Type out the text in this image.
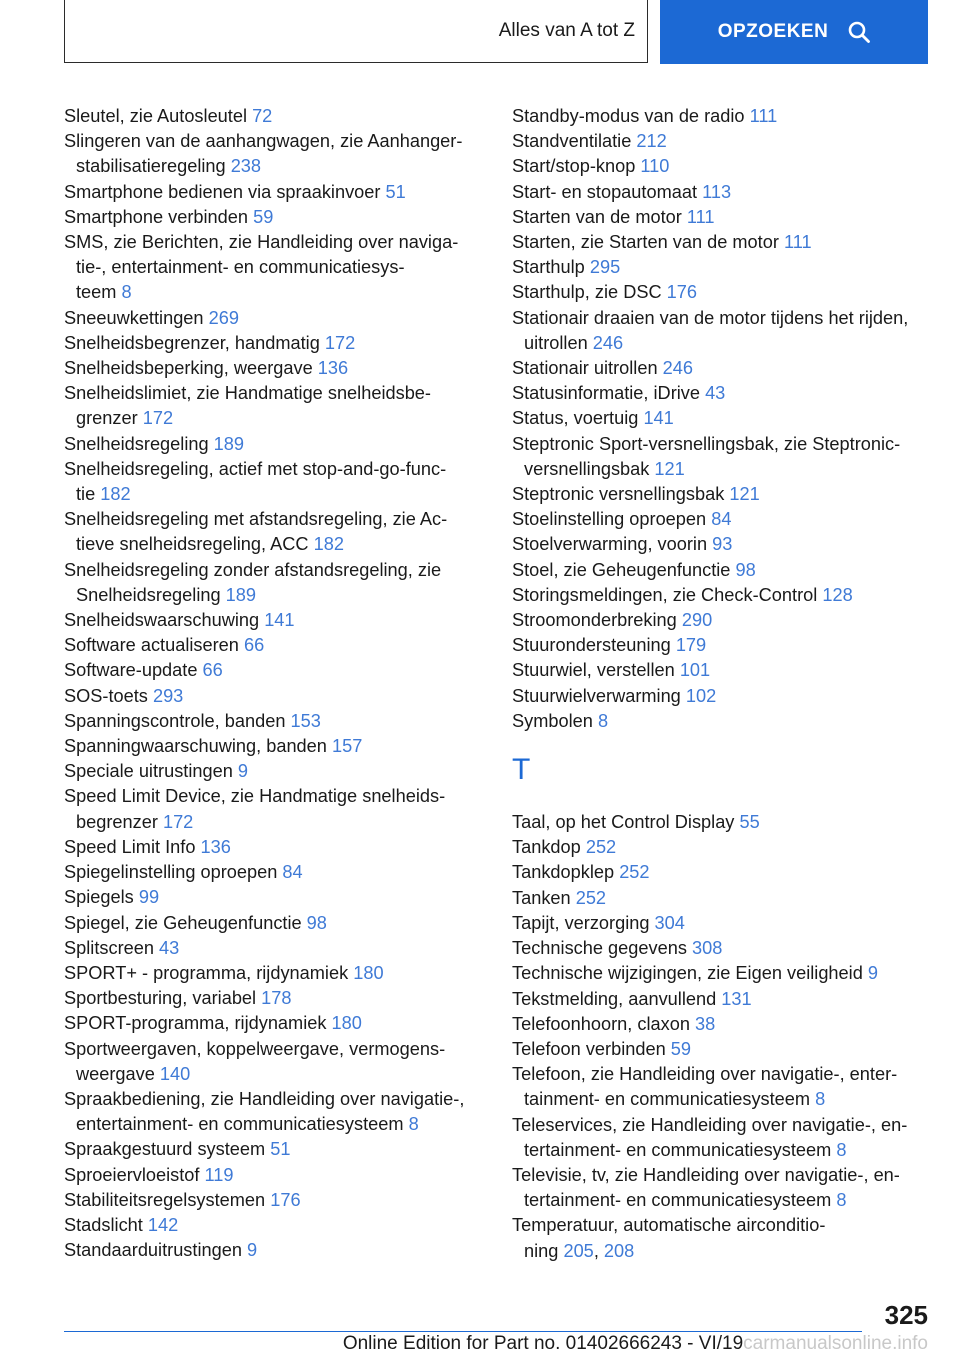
Alles van A tot Z	OPZOEKEN
Sleutel, zie Autosleutel 72
Slingeren van de aanhangwagen, zie Aanhanger-
stabilisatieregeling 238
Smartphone bedienen via spraakinvoer 51
Smartphone verbinden 59
SMS, zie Berichten, zie Handleiding over naviga-
tie-, entertainment- en communicatiesys-
teem 8
Sneeuwkettingen 269
Snelheidsbegrenzer, handmatig 172
Snelheidsbeperking, weergave 136
Snelheidslimiet, zie Handmatige snelheidsbe-
grenzer 172
Snelheidsregeling 189
Snelheidsregeling, actief met stop-and-go-func-
tie 182
Snelheidsregeling met afstandsregeling, zie Ac-
tieve snelheidsregeling, ACC 182
Snelheidsregeling zonder afstandsregeling, zie
Snelheidsregeling 189
Snelheidswaarschuwing 141
Software actualiseren 66
Software-update 66
SOS-toets 293
Spanningscontrole, banden 153
Spanningwaarschuwing, banden 157
Speciale uitrustingen 9
Speed Limit Device, zie Handmatige snelheids-
begrenzer 172
Speed Limit Info 136
Spiegelinstelling oproepen 84
Spiegels 99
Spiegel, zie Geheugenfunctie 98
Splitscreen 43
SPORT+ - programma, rijdynamiek 180
Sportbesturing, variabel 178
SPORT-programma, rijdynamiek 180
Sportweergaven, koppelweergave, vermogens-
weergave 140
Spraakbediening, zie Handleiding over navigatie-,
entertainment- en communicatiesysteem 8
Spraakgestuurd systeem 51
Sproeiervloeistof 119
Stabiliteitsregelsystemen 176
Stadslicht 142
Standaarduitrustingen 9
Standby-modus van de radio 111
Standventilatie 212
Start/stop-knop 110
Start- en stopautomaat 113
Starten van de motor 111
Starten, zie Starten van de motor 111
Starthulp 295
Starthulp, zie DSC 176
Stationair draaien van de motor tijdens het rijden,
uitrollen 246
Stationair uitrollen 246
Statusinformatie, iDrive 43
Status, voertuig 141
Steptronic Sport-versnellingsbak, zie Steptronic-
versnellingsbak 121
Steptronic versnellingsbak 121
Stoelinstelling oproepen 84
Stoelverwarming, voorin 93
Stoel, zie Geheugenfunctie 98
Storingsmeldingen, zie Check-Control 128
Stroomonderbreking 290
Stuurondersteuning 179
Stuurwiel, verstellen 101
Stuurwielverwarming 102
Symbolen 8
T
Taal, op het Control Display 55
Tankdop 252
Tankdopklep 252
Tanken 252
Tapijt, verzorging 304
Technische gegevens 308
Technische wijzigingen, zie Eigen veiligheid 9
Tekstmelding, aanvullend 131
Telefoonhoorn, claxon 38
Telefoon verbinden 59
Telefoon, zie Handleiding over navigatie-, enter-
tainment- en communicatiesysteem 8
Teleservices, zie Handleiding over navigatie-, en-
tertainment- en communicatiesysteem 8
Televisie, tv, zie Handleiding over navigatie-, en-
tertainment- en communicatiesysteem 8
Temperatuur, automatische airconditio-
ning 205, 208
325
Online Edition for Part no. 01402666243 - VI/19carmanualsonline.info
